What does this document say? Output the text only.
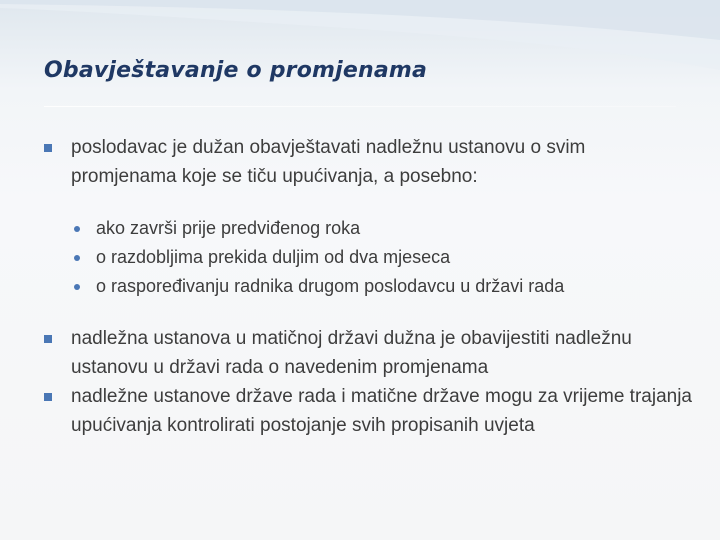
Obavještavanje o promjenama
poslodavac je dužan obavještavati nadležnu ustanovu o svim promjenama koje se tiču upućivanja, a posebno:
ako završi prije predviđenog roka
o razdobljima prekida duljim od dva mjeseca
o raspoređivanju radnika drugom poslodavcu u državi rada
nadležna ustanova u matičnoj državi dužna je obavijestiti nadležnu ustanovu u državi rada o navedenim promjenama
nadležne ustanove države rada i matične države mogu za vrijeme trajanja upućivanja kontrolirati postojanje svih propisanih uvjeta
